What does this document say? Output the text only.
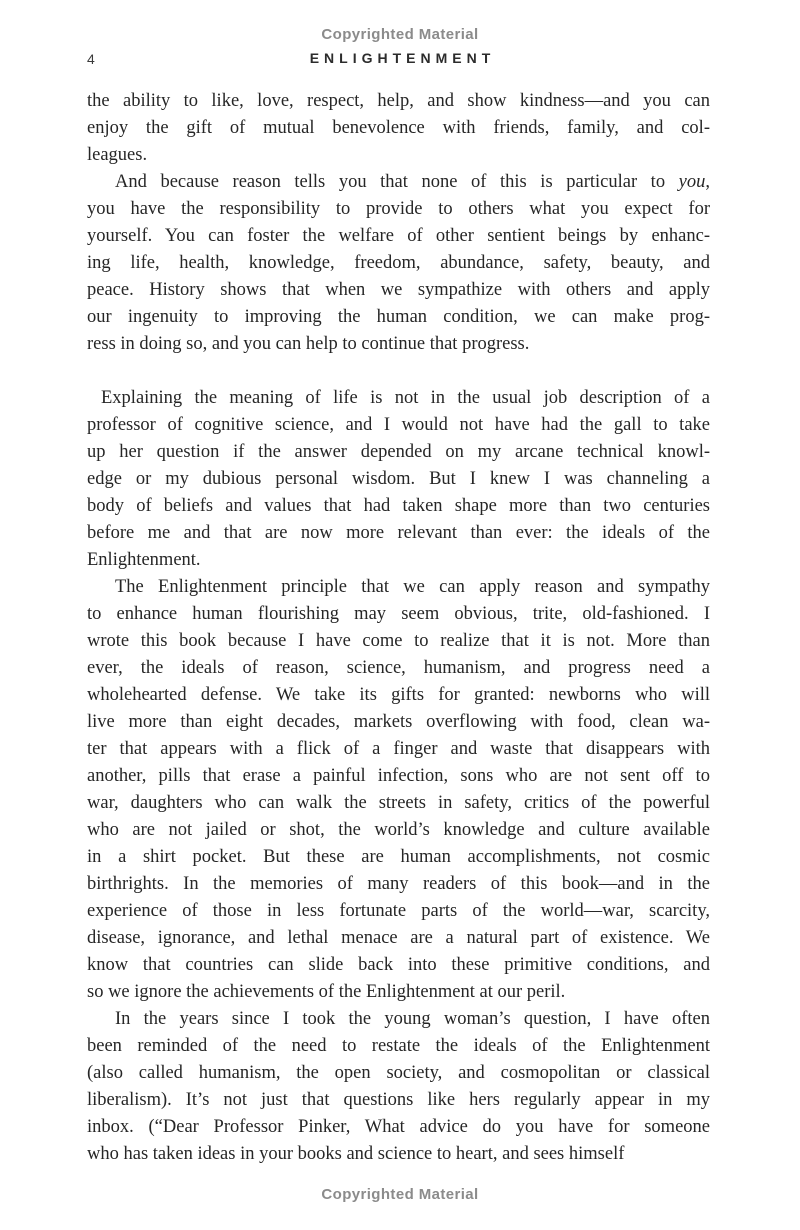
Copyrighted Material
4	ENLIGHTENMENT
the ability to like, love, respect, help, and show kindness—and you can
enjoy the gift of mutual benevolence with friends, family, and col-
leagues.
And because reason tells you that none of this is particular to you,
you have the responsibility to provide to others what you expect for
yourself. You can foster the welfare of other sentient beings by enhanc-
ing life, health, knowledge, freedom, abundance, safety, beauty, and
peace. History shows that when we sympathize with others and apply
our ingenuity to improving the human condition, we can make prog-
ress in doing so, and you can help to continue that progress.
Explaining the meaning of life is not in the usual job description of a
professor of cognitive science, and I would not have had the gall to take
up her question if the answer depended on my arcane technical knowl-
edge or my dubious personal wisdom. But I knew I was channeling a
body of beliefs and values that had taken shape more than two centuries
before me and that are now more relevant than ever: the ideals of the
Enlightenment.
The Enlightenment principle that we can apply reason and sympathy
to enhance human flourishing may seem obvious, trite, old-fashioned. I
wrote this book because I have come to realize that it is not. More than
ever, the ideals of reason, science, humanism, and progress need a
wholehearted defense. We take its gifts for granted: newborns who will
live more than eight decades, markets overflowing with food, clean wa-
ter that appears with a flick of a finger and waste that disappears with
another, pills that erase a painful infection, sons who are not sent off to
war, daughters who can walk the streets in safety, critics of the powerful
who are not jailed or shot, the world’s knowledge and culture available
in a shirt pocket. But these are human accomplishments, not cosmic
birthrights. In the memories of many readers of this book—and in the
experience of those in less fortunate parts of the world—war, scarcity,
disease, ignorance, and lethal menace are a natural part of existence. We
know that countries can slide back into these primitive conditions, and
so we ignore the achievements of the Enlightenment at our peril.
In the years since I took the young woman’s question, I have often
been reminded of the need to restate the ideals of the Enlightenment
(also called humanism, the open society, and cosmopolitan or classical
liberalism). It’s not just that questions like hers regularly appear in my
inbox. (“Dear Professor Pinker, What advice do you have for someone
who has taken ideas in your books and science to heart, and sees himself
Copyrighted Material
